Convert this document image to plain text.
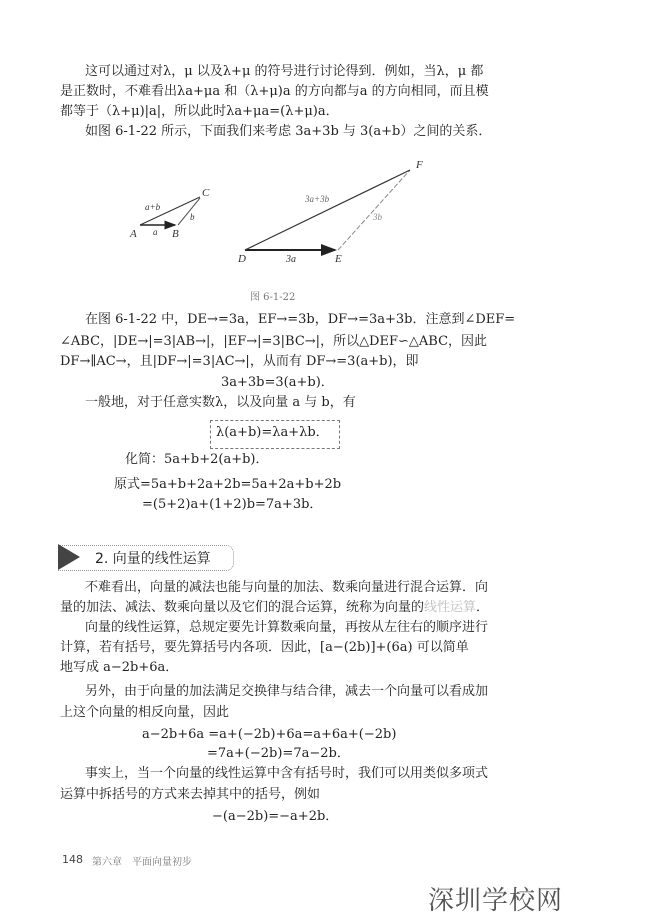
这可以通过对λ，μ 以及λ+μ 的符号进行讨论得到．例如，当λ，μ 都
是正数时，不难看出λa+μa 和（λ+μ)a 的方向都与a 的方向相同，而且模
都等于（λ+μ)|a|，所以此时λa+μa=(λ+μ)a．
如图 6-1-22 所示，下面我们来考虑 3a+3b 与 3(a+b）之间的关系．
A	B
C
a
b
a+b
D	E
F
3a
3b
3a+3b
图 6-1-22
在图 6-1-22 中，DE→=3a，EF→=3b，DF→=3a+3b．注意到∠DEF=
∠ABC，|DE→|=3|AB→|，|EF→|=3|BC→|，所以△DEF∽△ABC，因此
DF→∥AC→，且|DF→|=3|AC→|，从而有 DF→=3(a+b)，即
3a+3b=3(a+b)．
一般地，对于任意实数λ，以及向量 a 与 b，有
λ(a+b)=λa+λb．
化简：5a+b+2(a+b)．
原式=5a+b+2a+2b=5a+2a+b+2b
=(5+2)a+(1+2)b=7a+3b．
2. 向量的线性运算
不难看出，向量的减法也能与向量的加法、数乘向量进行混合运算．向
量的加法、减法、数乘向量以及它们的混合运算，统称为向量的线性运算．
向量的线性运算，总规定要先计算数乘向量，再按从左往右的顺序进行
计算，若有括号，要先算括号内各项．因此，[a−(2b)]+(6a) 可以简单
地写成 a−2b+6a．
另外，由于向量的加法满足交换律与结合律，减去一个向量可以看成加
上这个向量的相反向量，因此
a−2b+6a =a+(−2b)+6a=a+6a+(−2b)
=7a+(−2b)=7a−2b．
事实上，当一个向量的线性运算中含有括号时，我们可以用类似多项式
运算中拆括号的方式来去掉其中的括号，例如
−(a−2b)=−a+2b．
148 第六章　平面向量初步
深圳学校网
